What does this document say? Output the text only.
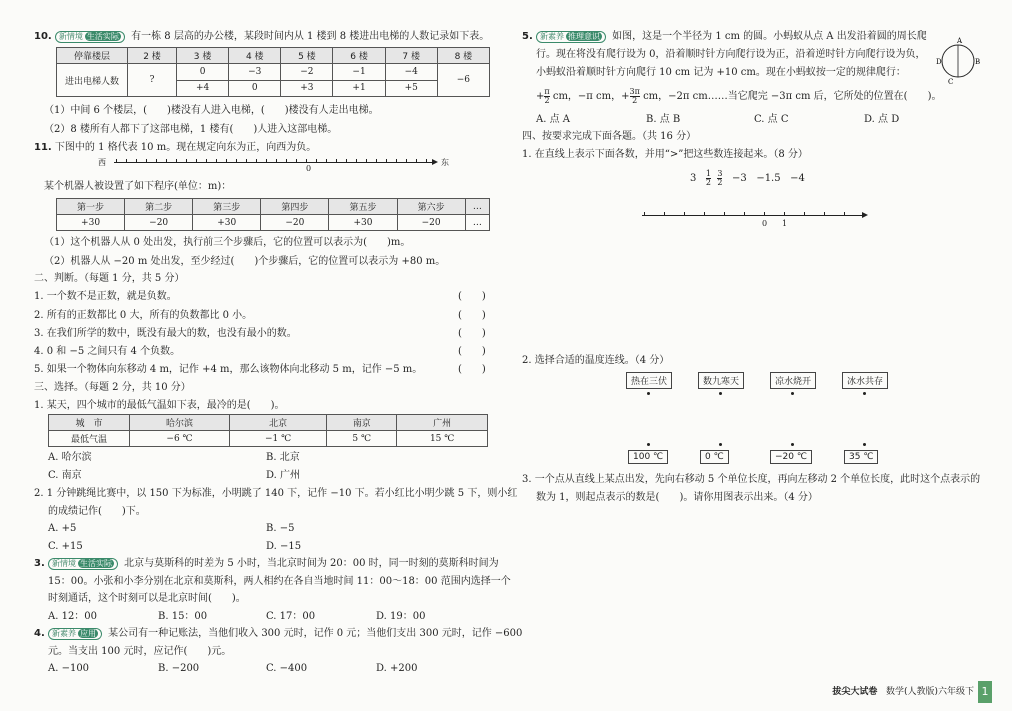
10. 新情境 生活实际 有一栋 8 层高的办公楼，某段时间内从 1 楼到 8 楼进出电梯的人数记录如下表。
停靠楼层	2 楼	3 楼	4 楼	5 楼	6 楼	7 楼	8 楼
进出电梯人数	?	0	−3	−2	−1	−4	−6
		+4	0	+3	+1	+5	
（1）中间 6 个楼层，(　　)楼没有人进入电梯，(　　)楼没有人走出电梯。
（2）8 楼所有人都下了这部电梯，1 楼有(　　)人进入这部电梯。
11. 下图中的 1 格代表 10 m。现在规定向东为正，向西为负。
西	东
0
某个机器人被设置了如下程序(单位：m)：
第一步	第二步	第三步	第四步	第五步	第六步	…
+30	−20	+30	−20	+30	−20	…
（1）这个机器人从 0 处出发，执行前三个步骤后，它的位置可以表示为(　　)m。
（2）机器人从 −20 m 处出发，至少经过(　　)个步骤后，它的位置可以表示为 +80 m。
二、判断。（每题 1 分，共 5 分）
1. 一个数不是正数，就是负数。
2. 所有的正数都比 0 大，所有的负数都比 0 小。
3. 在我们所学的数中，既没有最大的数，也没有最小的数。
4. 0 和 −5 之间只有 4 个负数。
5. 如果一个物体向东移动 4 m，记作 +4 m，那么该物体向北移动 5 m，记作 −5 m。
(　　)
(　　)
(　　)
(　　)
(　　)
三、选择。（每题 2 分，共 10 分）
1. 某天，四个城市的最低气温如下表，最冷的是(　　)。
城　市	哈尔滨	北京	南京	广州
最低气温	−6 ℃	−1 ℃	5 ℃	15 ℃
A. 哈尔滨	B. 北京
C. 南京	D. 广州
2. 1 分钟跳绳比赛中，以 150 下为标准，小明跳了 140 下，记作 −10 下。若小红比小明少跳 5 下，则小红
的成绩记作(　　)下。
A. +5	B. −5
C. +15	D. −15
3. 新情境 生活实际 北京与莫斯科的时差为 5 小时，当北京时间为 20：00 时，同一时刻的莫斯科时间为
15：00。小张和小李分别在北京和莫斯科，两人相约在各自当地时间 11：00～18：00 范围内选择一个
时刻通话，这个时刻可以是北京时间(　　)。
A. 12：00	B. 15：00	C. 17：00	D. 19：00
4. 新素养 应用 某公司有一种记账法，当他们收入 300 元时，记作 0 元；当他们支出 300 元时，记作 −600
元。当支出 100 元时，应记作(　　)元。
A. −100	B. −200	C. −400	D. +200
5. 新素养 推理意识 如图，这是一个半径为 1 cm 的圆。小蚂蚁从点 A 出发沿着圆的周长爬
行。现在将没有爬行设为 0，沿着顺时针方向爬行设为正，沿着逆时针方向爬行设为负，
小蚂蚁沿着顺时针方向爬行 10 cm 记为 +10 cm。现在小蚂蚁按一定的规律爬行：
+ $\frac{\pi}{2}$ cm，−π cm，+ $\frac{3\pi}{2}$ cm，−2π cm……当它爬完 −3π cm 后，它所处的位置在(　　)。
A
B
C
D
A. 点 A	B. 点 B	C. 点 C	D. 点 D
四、按要求完成下面各题。（共 16 分）
1. 在直线上表示下面各数，并用“>”把这些数连接起来。（8 分）
$3 \frac{1}{2}$
$\frac{3}{2} -3 -1.5 -4$
0 1
2. 选择合适的温度连线。（4 分）
热在三伏	数九寒天	凉水烧开	冰水共存
100 ℃	0 ℃	−20 ℃	35 ℃
3. 一个点从直线上某点出发，先向右移动 5 个单位长度，再向左移动 2 个单位长度，此时这个点表示的
数为 1，则起点表示的数是(　　)。请你用图表示出来。（4 分）
拔尖大试卷 数学(人教版)六年级下 1
